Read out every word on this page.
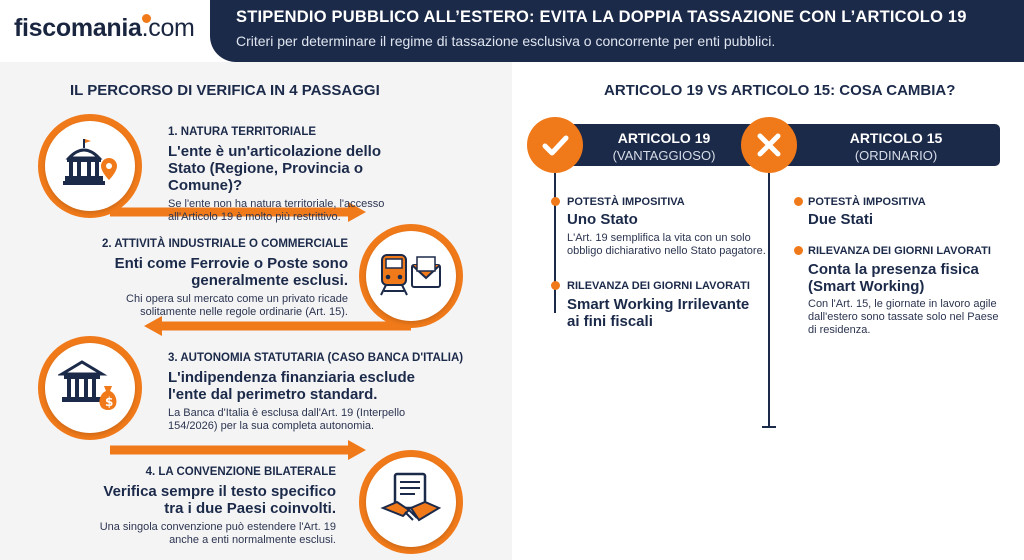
fiscomania .com	STIPENDIO PUBBLICO ALL’ESTERO: EVITA LA DOPPIA TASSAZIONE CON L’ARTICOLO 19
Criteri per determinare il regime di tassazione esclusiva o concorrente per enti pubblici.
IL PERCORSO DI VERIFICA IN 4 PASSAGGI
1. NATURA TERRITORIALE
L'ente è un'articolazione dello Stato (Regione, Provincia o Comune)?
Se l'ente non ha natura territoriale, l'accesso all'Articolo 19 è molto più restrittivo.
2. ATTIVITÀ INDUSTRIALE O COMMERCIALE
Enti come Ferrovie o Poste sono generalmente esclusi.
Chi opera sul mercato come un privato ricade solitamente nelle regole ordinarie (Art. 15).
$
3. AUTONOMIA STATUTARIA (CASO BANCA D'ITALIA)
L'indipendenza finanziaria esclude l'ente dal perimetro standard.
La Banca d'Italia è esclusa dall'Art. 19 (Interpello 154/2026) per la sua completa autonomia.
4. LA CONVENZIONE BILATERALE
Verifica sempre il testo specifico tra i due Paesi coinvolti.
Una singola convenzione può estendere l'Art. 19 anche a enti normalmente esclusi.
ARTICOLO 19 VS ARTICOLO 15: COSA CAMBIA?
ARTICOLO 19
(VANTAGGIOSO)
ARTICOLO 15
(ORDINARIO)
POTESTÀ IMPOSITIVA
Uno Stato
L'Art. 19 semplifica la vita con un solo obbligo dichiarativo nello Stato pagatore.
RILEVANZA DEI GIORNI LAVORATI
Smart Working Irrilevante ai fini fiscali
POTESTÀ IMPOSITIVA
Due Stati
RILEVANZA DEI GIORNI LAVORATI
Conta la presenza fisica (Smart Working)
Con l'Art. 15, le giornate in lavoro agile dall'estero sono tassate solo nel Paese di residenza.
